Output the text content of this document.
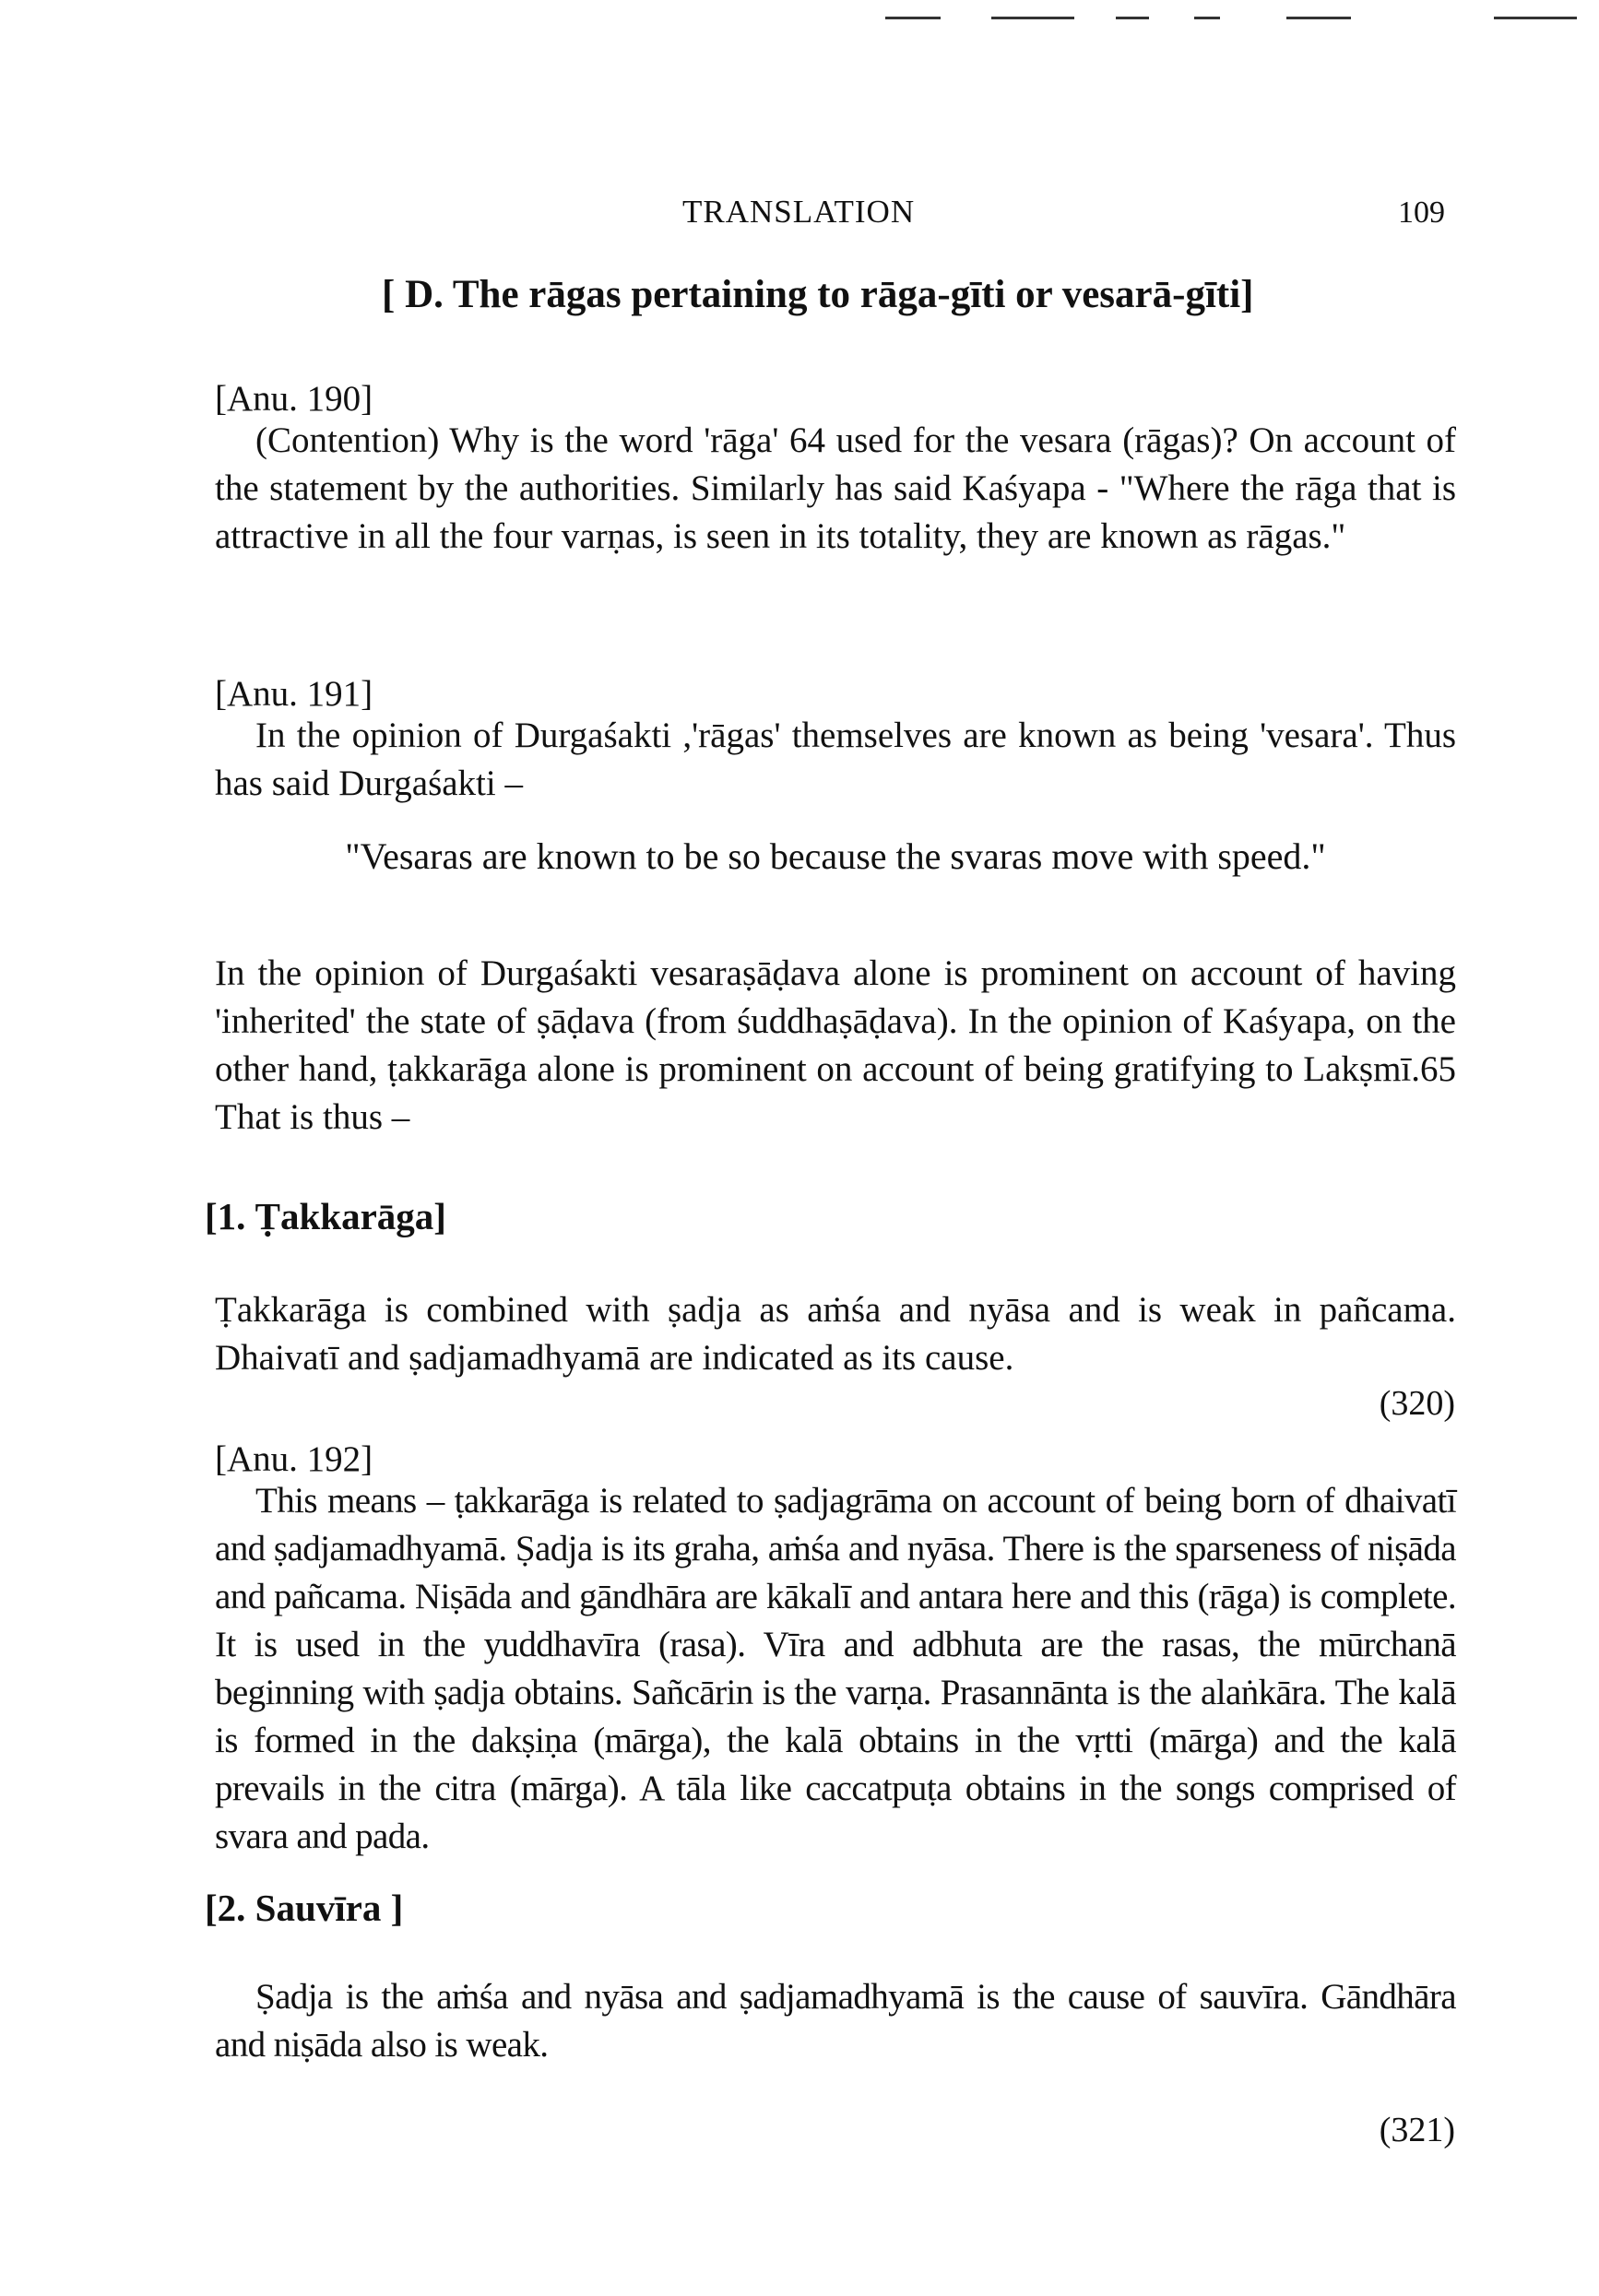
TRANSLATION	109
[ D. The rāgas pertaining to rāga-gīti or vesarā-gīti]
[Anu. 190]

(Contention) Why is the word 'rāga' 64 used for the vesara (rāgas)? On account of the statement by the authorities. Similarly has said Kaśyapa - "Where the rāga that is attractive in all the four varṇas, is seen in its totality, they are known as rāgas."

[Anu. 191]

In the opinion of Durgaśakti ,'rāgas' themselves are known as being 'vesara'. Thus has said Durgaśakti –

"Vesaras are known to be so because the svaras move with speed."

In the opinion of Durgaśakti vesaraṣāḍava alone is prominent on account of having 'inherited' the state of ṣāḍava (from śuddhaṣāḍava). In the opinion of Kaśyapa, on the other hand, ṭakkarāga alone is prominent on account of being gratifying to Lakṣmī.65 That is thus –

[1. Ṭakkarāga]

Ṭakkarāga is combined with ṣadja as aṁśa and nyāsa and is weak in pañcama. Dhaivatī and ṣadjamadhyamā are indicated as its cause.

(320)
[Anu. 192]

This means – ṭakkarāga is related to ṣadjagrāma on account of being born of dhaivatī and ṣadjamadhyamā. Ṣadja is its graha, aṁśa and nyāsa. There is the sparseness of niṣāda and pañcama. Niṣāda and gāndhāra are kākalī and antara here and this (rāga) is complete. It is used in the yuddhavīra (rasa). Vīra and adbhuta are the rasas, the mūrchanā beginning with ṣadja obtains. Sañcārin is the varṇa. Prasannānta is the alaṅkāra. The kalā is formed in the dakṣiṇa (mārga), the kalā obtains in the vṛtti (mārga) and the kalā prevails in the citra (mārga). A tāla like caccatpuṭa obtains in the songs comprised of svara and pada.

[2. Sauvīra ]

Ṣadja is the aṁśa and nyāsa and ṣadjamadhyamā is the cause of sauvīra. Gāndhāra and niṣāda also is weak.

(321)
